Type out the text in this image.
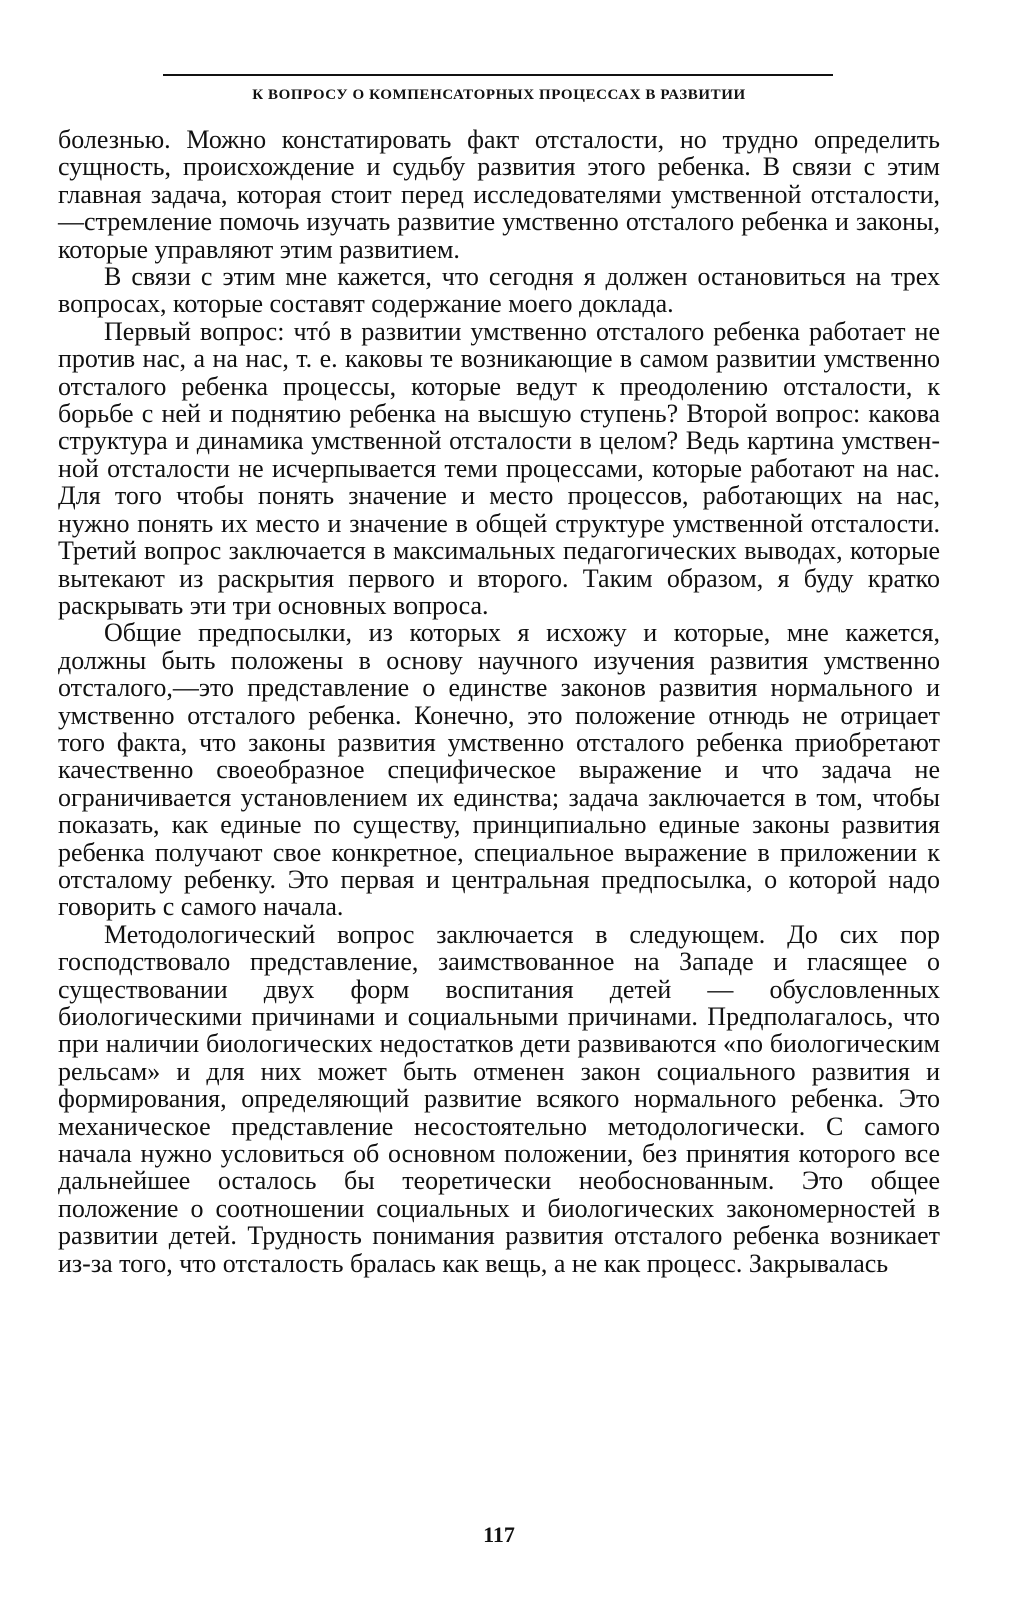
К ВОПРОСУ О КОМПЕНСАТОРНЫХ ПРОЦЕССАХ В РАЗВИТИИ

болезнью. Можно констатировать факт отсталости, но трудно определить сущность, происхождение и судьбу развития этого ребенка. В связи с этим главная задача, которая стоит перед исследователями умственной отсталости,—стремление помочь изучать развитие умственно отсталого ребенка и законы, которые управляют этим развитием.

В связи с этим мне кажется, что сегодня я должен остановиться на трех вопросах, которые составят содержание моего доклада.

Первый вопрос: чтó в развитии умственно отсталого ребенка работает не против нас, а на нас, т. е. каковы те возникающие в самом развитии умственно отсталого ребенка процессы, которые ведут к преодолению отсталости, к борьбе с ней и поднятию ребенка на высшую ступень? Второй вопрос: какова структура и динамика умственной отсталости в целом? Ведь картина умственной отсталости не исчерпывается теми процессами, которые работают на нас. Для того чтобы понять значение и место процессов, работающих на нас, нужно понять их место и значение в общей структуре умственной отсталости. Третий вопрос заключается в максимальных педагогических выводах, которые вытекают из раскрытия первого и второго. Таким образом, я буду кратко раскрывать эти три основных вопроса.

Общие предпосылки, из которых я исхожу и которые, мне кажется, должны быть положены в основу научного изучения развития умственно отсталого,—это представление о единстве законов развития нормального и умственно отсталого ребенка. Конечно, это положение отнюдь не отрицает того факта, что законы развития умственно отсталого ребенка приобретают качественно своеобразное специфическое выражение и что задача не ограничивается установлением их единства; задача заключается в том, чтобы показать, как единые по существу, принципиально единые законы развития ребенка получают свое конкретное, специальное выражение в приложении к отсталому ребенку. Это первая и центральная предпосылка, о которой надо говорить с самого начала.

Методологический вопрос заключается в следующем. До сих пор господствовало представление, заимствованное на Западе и гласящее о существовании двух форм воспитания детей — обусловленных биологическими причинами и социальными причинами. Предполагалось, что при наличии биологических недостатков дети развиваются «по биологическим рельсам» и для них может быть отменен закон социального развития и формирования, определяющий развитие всякого нормального ребенка. Это механическое представление несостоятельно методологически. С самого начала нужно условиться об основном положении, без принятия которого все дальнейшее осталось бы теоретически необоснованным. Это общее положение о соотношении социальных и биологических закономерностей в развитии детей. Трудность понимания развития отсталого ребенка возникает из-за того, что отсталость бралась как вещь, а не как процесс. Закрывалась

117
